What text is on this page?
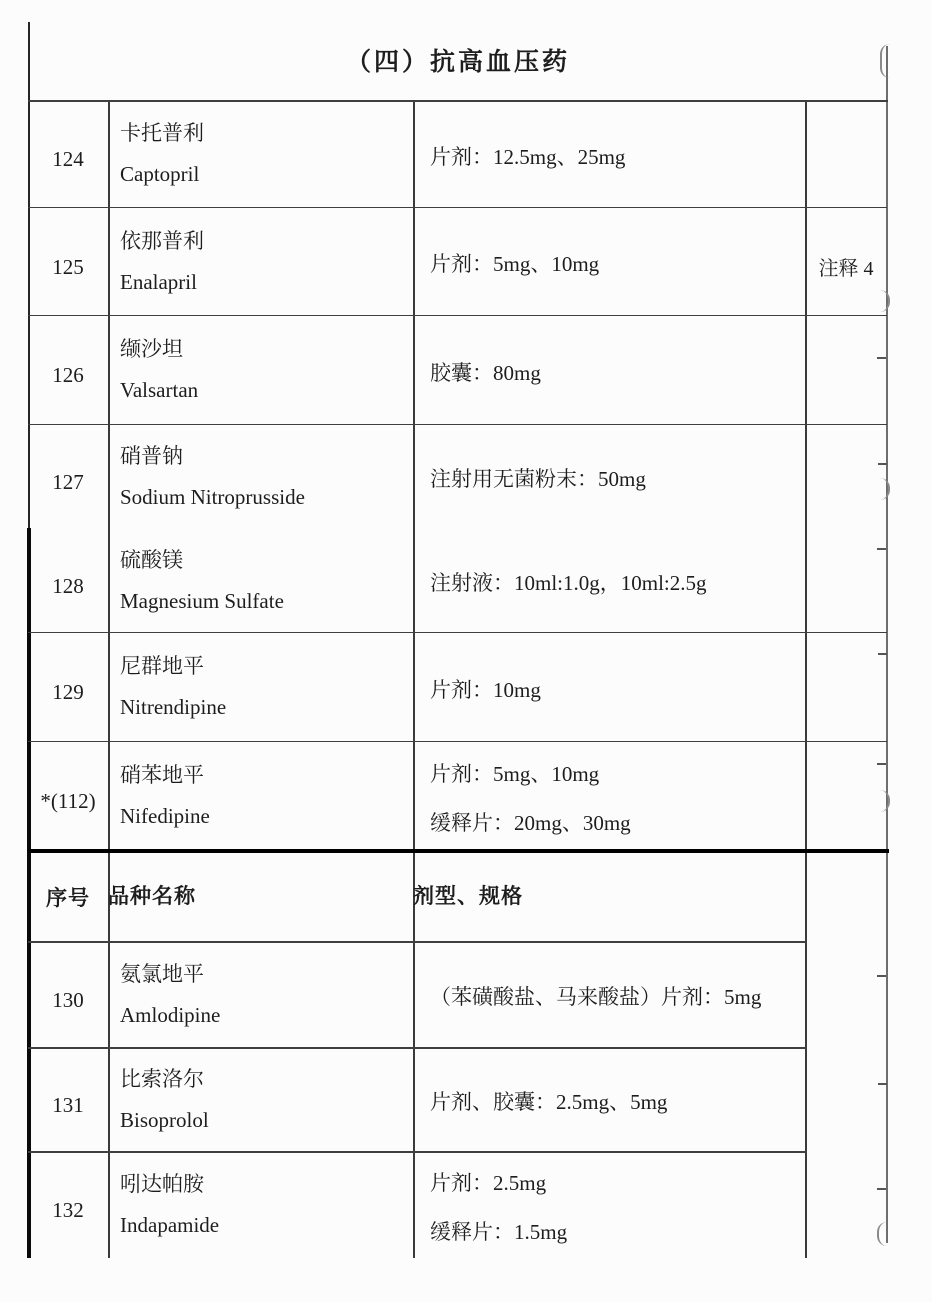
（四）抗高血压药
124
卡托普利
Captopril
片剂：12.5mg、25mg
125
依那普利
Enalapril
片剂：5mg、10mg	注释 4
126
缬沙坦
Valsartan
胶囊：80mg
127
硝普钠
Sodium Nitroprusside
注射用无菌粉末：50mg
128
硫酸镁
Magnesium Sulfate
注射液：10ml:1.0g，10ml:2.5g
129
尼群地平
Nitrendipine
片剂：10mg
*(112)
硝苯地平
Nifedipine
片剂：5mg、10mg
缓释片：20mg、30mg
序号 品种名称	剂型、规格
130
氨氯地平
Amlodipine
（苯磺酸盐、马来酸盐）片剂：5mg
131
比索洛尔
Bisoprolol
片剂、胶囊：2.5mg、5mg
132
吲达帕胺
Indapamide
片剂：2.5mg
缓释片：1.5mg
